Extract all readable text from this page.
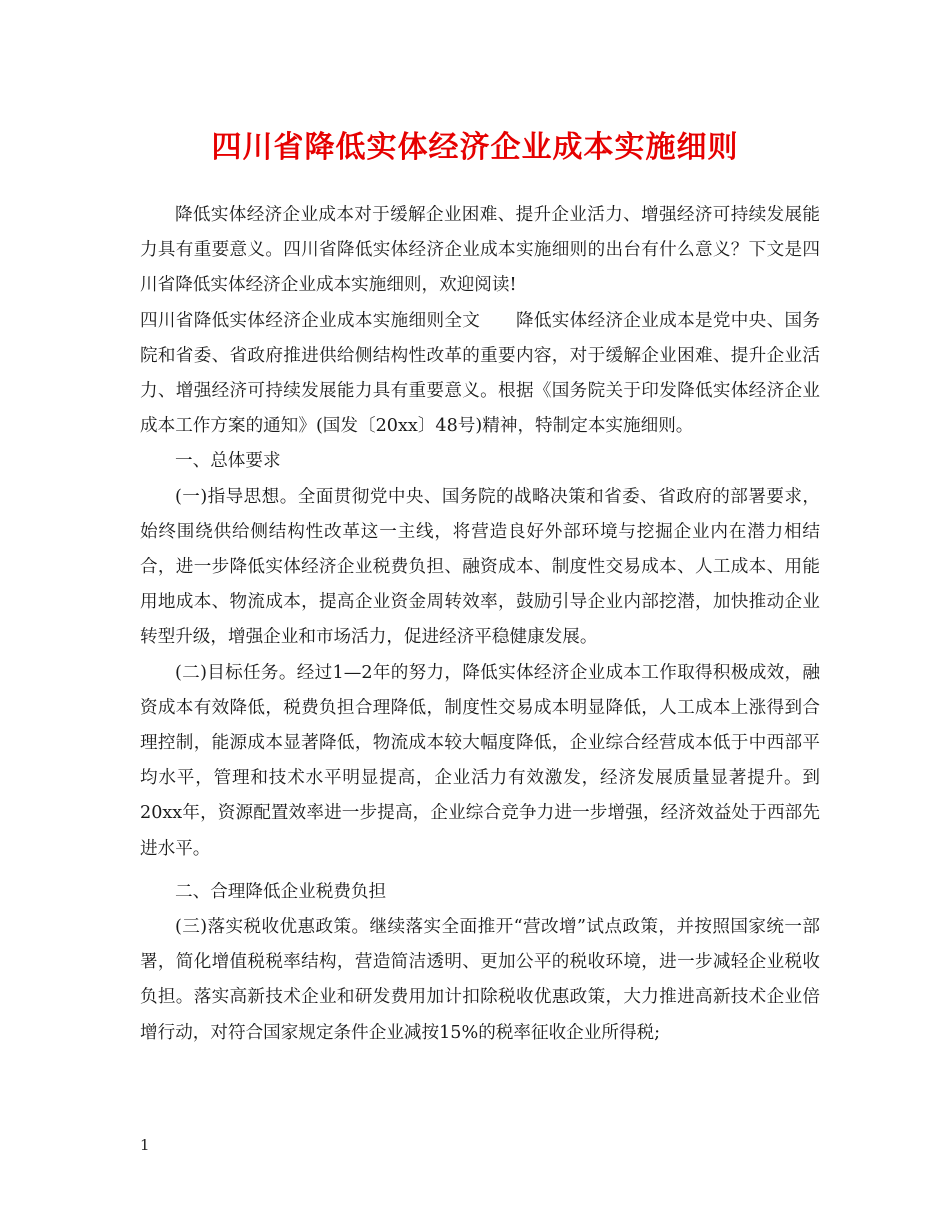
四川省降低实体经济企业成本实施细则

降低实体经济企业成本对于缓解企业困难、提升企业活力、增强经济可持续发展能力具有重要意义。四川省降低实体经济企业成本实施细则的出台有什么意义？下文是四川省降低实体经济企业成本实施细则，欢迎阅读!

四川省降低实体经济企业成本实施细则全文　　降低实体经济企业成本是党中央、国务院和省委、省政府推进供给侧结构性改革的重要内容，对于缓解企业困难、提升企业活力、增强经济可持续发展能力具有重要意义。根据《国务院关于印发降低实体经济企业成本工作方案的通知》(国发〔20xx〕48号)精神，特制定本实施细则。

一、总体要求

(一)指导思想。全面贯彻党中央、国务院的战略决策和省委、省政府的部署要求，始终围绕供给侧结构性改革这一主线，将营造良好外部环境与挖掘企业内在潜力相结合，进一步降低实体经济企业税费负担、融资成本、制度性交易成本、人工成本、用能用地成本、物流成本，提高企业资金周转效率，鼓励引导企业内部挖潜，加快推动企业转型升级，增强企业和市场活力，促进经济平稳健康发展。

(二)目标任务。经过1—2年的努力，降低实体经济企业成本工作取得积极成效，融资成本有效降低，税费负担合理降低，制度性交易成本明显降低，人工成本上涨得到合理控制，能源成本显著降低，物流成本较大幅度降低，企业综合经营成本低于中西部平均水平，管理和技术水平明显提高，企业活力有效激发，经济发展质量显著提升。到20xx年，资源配置效率进一步提高，企业综合竞争力进一步增强，经济效益处于西部先进水平。

二、合理降低企业税费负担

(三)落实税收优惠政策。继续落实全面推开“营改增”试点政策，并按照国家统一部署，简化增值税税率结构，营造简洁透明、更加公平的税收环境，进一步减轻企业税收负担。落实高新技术企业和研发费用加计扣除税收优惠政策，大力推进高新技术企业倍增行动，对符合国家规定条件企业减按15%的税率征收企业所得税;

1
